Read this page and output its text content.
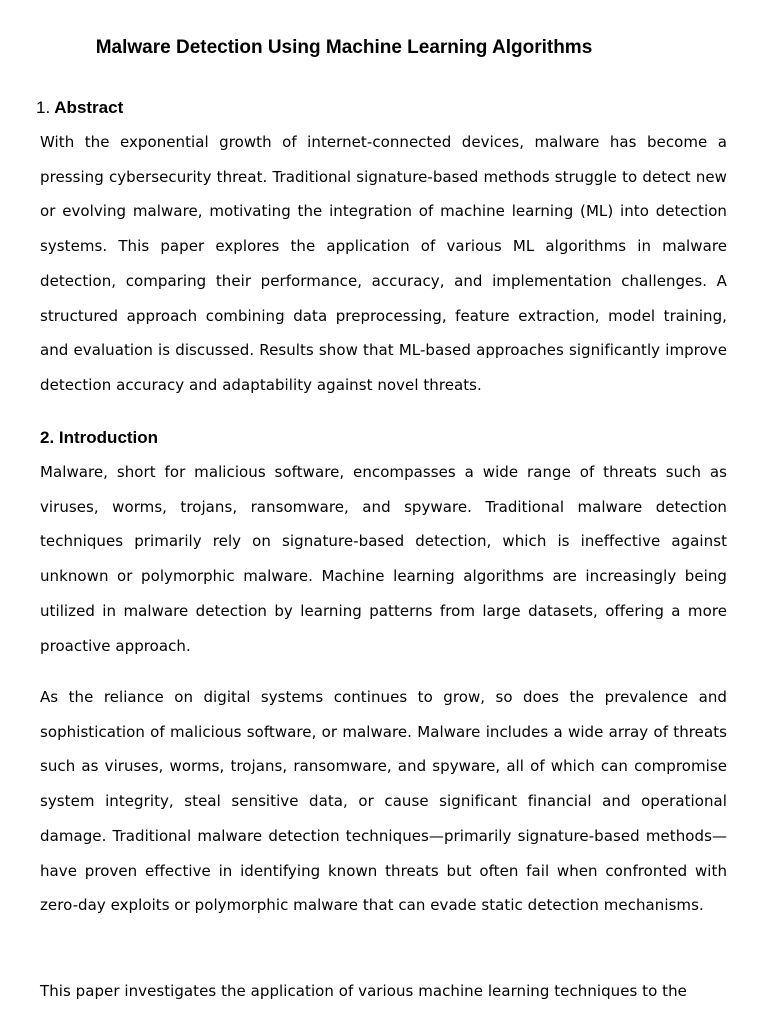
Malware Detection Using Machine Learning Algorithms
1. Abstract

With the exponential growth of internet-connected devices, malware has become a pressing cybersecurity threat. Traditional signature-based methods struggle to detect new or evolving malware, motivating the integration of machine learning (ML) into detection systems. This paper explores the application of various ML algorithms in malware detection, comparing their performance, accuracy, and implementation challenges. A structured approach combining data preprocessing, feature extraction, model training, and evaluation is discussed. Results show that ML-based approaches significantly improve detection accuracy and adaptability against novel threats.

2. Introduction

Malware, short for malicious software, encompasses a wide range of threats such as viruses, worms, trojans, ransomware, and spyware. Traditional malware detection techniques primarily rely on signature-based detection, which is ineffective against unknown or polymorphic malware. Machine learning algorithms are increasingly being utilized in malware detection by learning patterns from large datasets, offering a more proactive approach.

As the reliance on digital systems continues to grow, so does the prevalence and sophistication of malicious software, or malware. Malware includes a wide array of threats such as viruses, worms, trojans, ransomware, and spyware, all of which can compromise system integrity, steal sensitive data, or cause significant financial and operational damage. Traditional malware detection techniques—primarily signature-based methods—have proven effective in identifying known threats but often fail when confronted with zero-day exploits or polymorphic malware that can evade static detection mechanisms.

This paper investigates the application of various machine learning techniques to the
